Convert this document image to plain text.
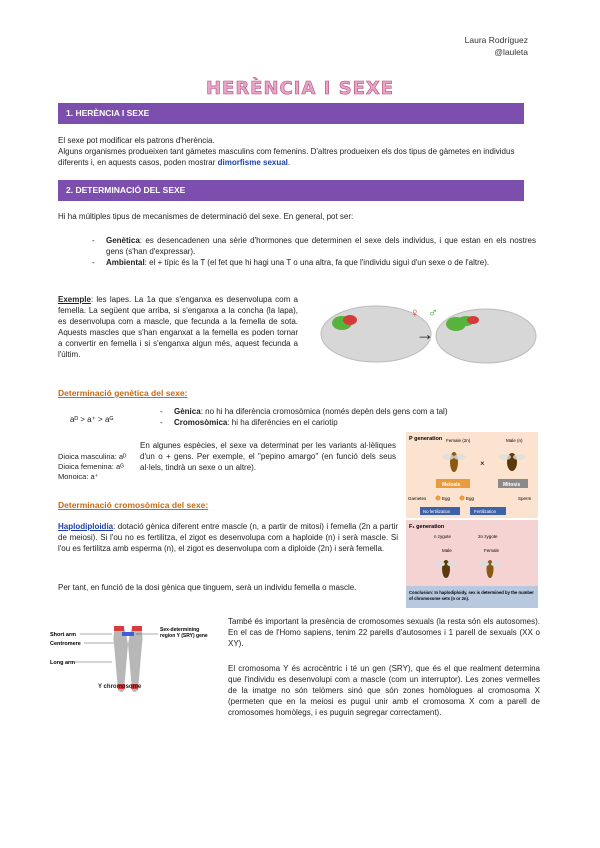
Laura Rodríguez
@lauleta
HERÈNCIA I SEXE
1. HERÈNCIA I SEXE
El sexe pot modificar els patrons d'herència.
Alguns organismes produeixen tant gàmetes masculins com femenins. D'altres produeixen els dos tipus de gàmetes en individus diferents i, en aquests casos, poden mostrar dimorfisme sexual.
2. DETERMINACIÓ DEL SEXE
Hi ha múltiples tipus de mecanismes de determinació del sexe. En general, pot ser:
- Genètica: es desencadenen una sèrie d'hormones que determinen el sexe dels individus, i que estan en els nostres gens (s'han d'expressar).
- Ambiental: el + típic és la T (el fet que hi hagi una T o una altra, fa que l'individu sigui d'un sexe o de l'altre).
Exemple: les lapes. La 1a que s'enganxa es desenvolupa com a femella. La següent que arriba, si s'enganxa a la concha (la lapa), es desenvolupa com a mascle, que fecunda a la femella de sota. Aquests mascles que s'han enganxat a la femella es poden tornar a convertir en femella i si s'enganxa algun més, aquest fecunda a l'últim.
♀ ♂
→
Determinació genètica del sexe:
aᴰ > a⁺ > aᴳ
- Gènica: no hi ha diferència cromosòmica (només depèn dels gens com a tal)
- Cromosòmica: hi ha diferències en el cariotip
Dioica masculina: aᴰ
Dioica femenina: aᴳ
Monoica: a⁺
En algunes espècies, el sexe va determinat per les variants al·lèliques d'un o + gens. Per exemple, el "pepino amargo" (en funció dels seus al·lels, tindrà un sexe o un altre).
Determinació cromosòmica del sexe:
Haplodiploidia: dotació gènica diferent entre mascle (n, a partir de mitosi) i femella (2n a partir de meiosi). Si l'ou no es fertilitza, el zigot es desenvolupa com a haploide (n) i serà mascle. Si l'ou es fertilitza amb esperma (n), el zigot es desenvolupa com a diploide (2n) i serà femella.
Per tant, en funció de la dosi gènica que tinguem, serà un individu femella o mascle.
P generation Female (2n)	Male (n)
×
Meiosis	Mitosis
Gametes	Egg	Egg	Sperm
No fertilization	Fertilization
F₁ generation
n zygote	2n zygote
Male	Female
Conclusion: In haplodiploidy, sex is determined by the number of chromosome sets (n or 2n).
Short arm
Centromere
Long arm
Sex-determining region Y (SRY) gene
Y chromosome
També és important la presència de cromosomes sexuals (la resta són els autosomes). En el cas de l'Homo sapiens, tenim 22 parells d'autosomes i 1 parell de sexuals (XX o XY).
El cromosoma Y és acrocèntric i té un gen (SRY), que és el que realment determina que l'individu es desenvolupi com a mascle (com un interruptor). Les zones vermelles de la imatge no són telòmers sinó que són zones homòlogues al cromosoma X (permeten que en la meiosi es pugui unir amb el cromosoma X com a parell de cromosomes homòlegs, i es puguin segregar correctament).
